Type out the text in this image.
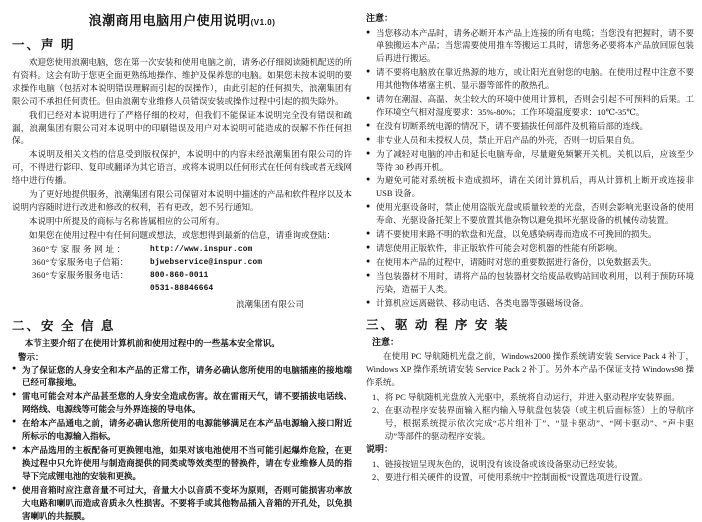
浪潮商用电脑用户使用说明(V1.0)
一、声 明

欢迎您使用浪潮电脑，您在第一次安装和使用电脑之前，请务必仔细阅读随机配送的所有资料。这会有助于您更全面更熟练地操作、维护及保养您的电脑。如果您未按本说明的要求操作电脑（包括对本说明错误理解而引起的误操作），由此引起的任何损失，浪潮集团有限公司不承担任何责任。但由浪潮专业维修人员错误安装或操作过程中引起的损失除外。

我们已经对本说明进行了严格仔细的校对，但我们不能保证本说明完全没有错误和疏漏，浪潮集团有限公司对本说明中的印刷错误及用户对本说明可能造成的误解不作任何担保。

本说明及相关文档的信息受到版权保护，本说明中的内容未经浪潮集团有限公司的许可，不得进行影印、复印或翻译为其它语言，或将本说明以任何形式在任何有线或者无线网络中进行传播。

为了更好地提供服务，浪潮集团有限公司保留对本说明中描述的产品和软件程序以及本说明内容随时进行改进和修改的权利，若有更改，恕不另行通知。

本说明中所提及的商标与名称皆属相应的公司所有。

如果您在使用过程中有任何问题或想法，或您想得到最新的信息，请垂询或登陆：

360°专 家 服 务 网 址 ：	http://www.inspur.com
360°专家服务电子信箱：	bjwebservice@inspur.com
360°专家服务服务电话：	800-860-0011
0531-88846664
浪潮集团有限公司
二、安 全 信 息

本节主要介绍了在使用计算机前和使用过程中的一些基本安全常识。

警示：

● 为了保证您的人身安全和本产品的正常工作，请务必确认您所使用的电脑插座的接地端已经可靠接地。
● 雷电可能会对本产品甚至您的人身安全造成伤害。故在雷雨天气，请不要插拔电话线、网络线、电源线等可能会与外界连接的导电体。
● 在给本产品通电之前，请务必确认您所使用的电源能够满足在本产品电源输入接口附近所标示的电源输入指标。
● 本产品选用的主板配备可更换锂电池，如果对该电池使用不当可能引起爆炸危险，在更换过程中只允许使用与制造商提供的同类或等效类型的替换件，请在专业维修人员的指导下完成锂电池的安装和更换。
● 使用音箱时应注意音量不可过大，音量大小以音质不变坏为原则，否则可能损害功率放大电路和喇叭而造成音质永久性损害。不要将手或其他物品插入音箱的开孔处，以免损害喇叭的共振膜。

注意：

● 当您移动本产品时，请务必断开本产品上连接的所有电缆；当您没有把握时，请不要单独搬运本产品；当您需要使用推车等搬运工具时，请您务必要将本产品放回原包装后再进行搬运。
● 请不要将电脑放在靠近热源的地方，或让阳光直射您的电脑。在使用过程中注意不要用其他物体堵塞主机、显示器等部件的散热孔。
● 请勿在潮湿、高温、灰尘较大的环境中使用计算机，否则会引起不可预料的后果。工作环境空气相对湿度要求：35%-80%；工作环境温度要求：10℃-35℃。
● 在没有切断系统电源的情况下，请不要插拔任何部件及机箱后部的连线。
● 非专业人员和未授权人员，禁止开启产品的外壳，否则一切后果自负。
● 为了减轻对电脑的冲击和延长电脑寿命，尽量避免频繁开关机。关机以后，应该至少等待 30 秒再开机。
● 为避免可能对系统板卡造成损坏，请在关闭计算机后，再从计算机上断开或连接非 USB 设备。
● 使用光驱设备时，禁止使用盗版光盘或质量较差的光盘，否则会影响光驱设备的使用寿命、光驱设备托架上不要放置其他杂物以避免损坏光驱设备的机械传动装置。
● 请不要使用来路不明的软盘和光盘，以免感染病毒而造成不可挽回的损失。
● 请您使用正版软件，非正版软件可能会对您机器的性能有所影响。
● 在使用本产品的过程中，请随时对您的重要数据进行备份，以免数据丢失。
● 当包装器材不用时，请将产品的包装器材交给废品收购站回收利用，以利于预防环境污染，造福于人类。
● 计算机应远离磁铁、移动电话、各类电器等强磁场设备。
三、驱 动 程 序 安 装

注意：

在使用 PC 导航随机光盘之前，Windows2000 操作系统请安装 Service Pack 4 补丁，Windows XP 操作系统请安装 Service Pack 2 补丁。另外本产品不保证支持 Windows98 操作系统。

1、 将 PC 导航随机光盘放入光驱中，系统将自动运行，并进入驱动程序安装界面。
2、 在驱动程序安装界面输入框内输入导航盘包装袋（或主机后面标签）上的导航序号，根据系统提示依次完成“芯片组补丁”、“显卡驱动”、“网卡驱动”、“声卡驱动”等部件的驱动程序安装。

说明：

1、 链接按钮呈现灰色的，说明没有该设备或该设备驱动已经安装。
2、 要进行相关硬件的设置，可使用系统中“控制面板”设置选项进行设置。
